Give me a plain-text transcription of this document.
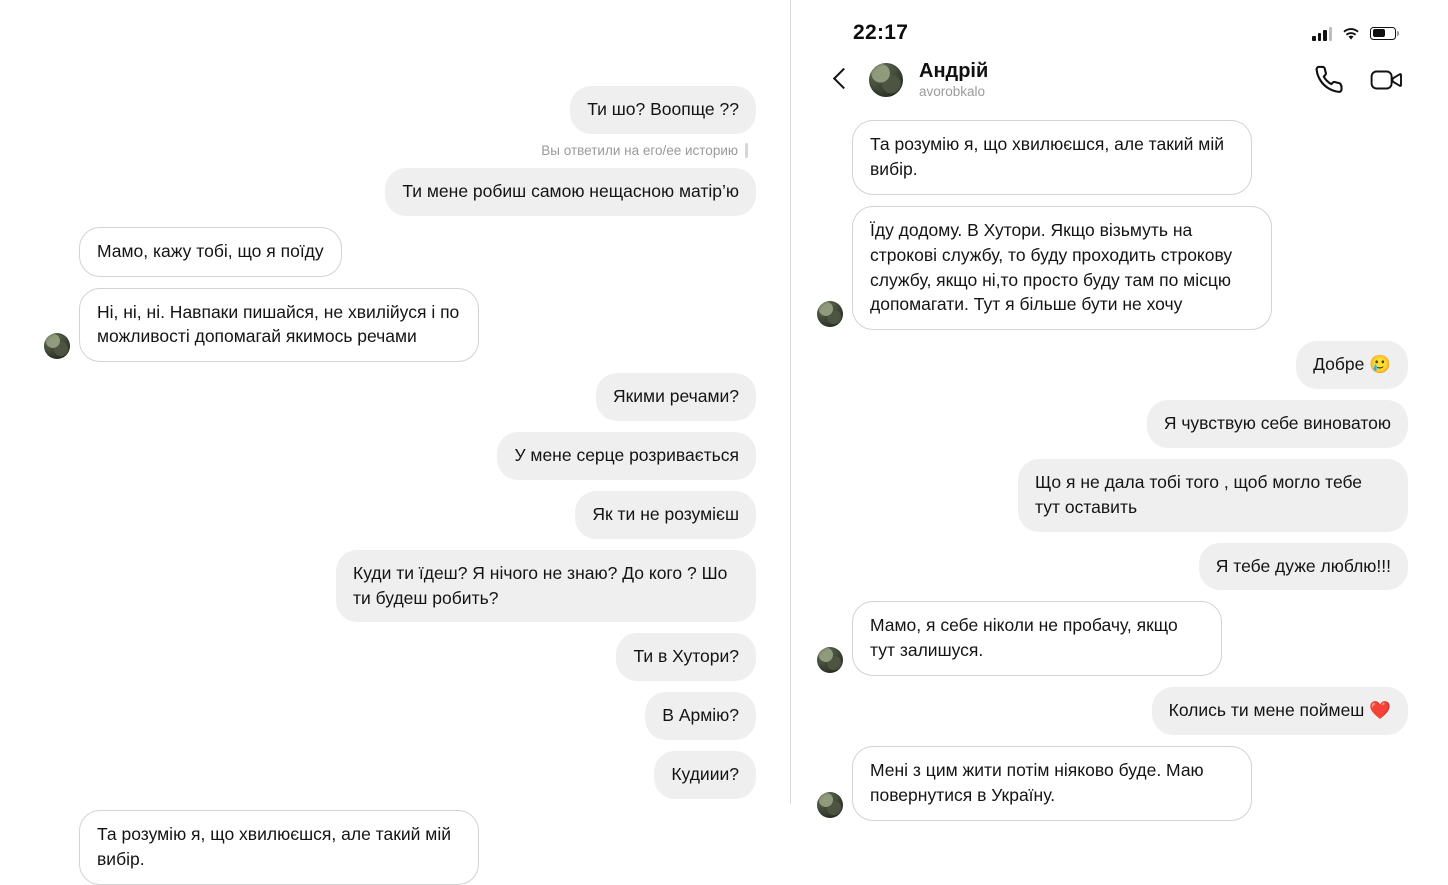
Ти шо? Воопще ??
Вы ответили на его/ее историю
Ти мене робиш самою нещасною матір’ю
Мамо, кажу тобі, що я поїду
Ні, ні, ні. Навпаки пишайся, не хвилійуся і по можливості допомагай якимось речами
Якими речами?
У мене серце розривається
Як ти не розумієш
Куди ти їдеш? Я нічого не знаю? До кого ? Шо ти будеш робить?
Ти в Хутори?
В Армію?
Кудиии?
Та розумію я, що хвилюєшся, але такий мій вибір.
22:17
Андрій
avorobkalo
Та розумію я, що хвилюєшся, але такий мій вибір.
Їду додому. В Хутори. Якщо візьмуть на строкові службу, то буду проходить строкову службу, якщо ні,то просто буду там по місцю допомагати. Тут я більше бути не хочу
Добре 🥲
Я чувствую себе виноватою
Що я не дала тобі того , щоб могло тебе тут оставить
Я тебе дуже люблю!!!
Мамо, я себе ніколи не пробачу, якщо тут залишуся.
Колись ти мене поймеш ❤️
Мені з цим жити потім ніяково буде. Маю повернутися в Україну.
